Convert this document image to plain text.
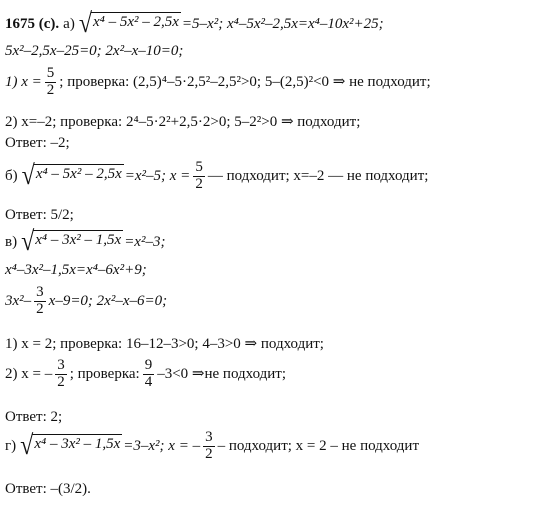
1675 (с). а) √ x⁴ – 5x² – 2,5x =5–x²; x⁴–5x²–2,5x=x⁴–10x²+25;
5x²–2,5x–25=0; 2x²–x–10=0;
1) $x = \frac{5}{2}$ ; проверка: (2,5)⁴–5·2,5²–2,5²>0; 5–(2,5)²<0 ⇒ не подходит;
2) x=–2; проверка: 2⁴–5·2²+2,5·2>0; 5–2²>0 ⇒ подходит;
Ответ: –2;
б) √ x⁴ – 5x² – 2,5x =x²–5; $x = \frac{5}{2}$ — подходит; x=–2 — не подходит;
Ответ: 5/2;
в) √ x⁴ – 3x² – 1,5x =x²–3;
x⁴–3x²–1,5x=x⁴–6x²+9;
$3x^2- \frac{3}{2} x-9=0$; 2x²–x–6=0;
1) x = 2; проверка: 16–12–3>0; 4–3>0 ⇒ подходит;
2) x = – $\frac{3}{2}$ ; проверка: $\frac{9}{4} -3<0$ ⇒не подходит;
Ответ: 2;
г) √ x⁴ – 3x² – 1,5x =3–x²; x = – $\frac{3}{2}$ – подходит; x = 2 – не подходит
Ответ: –(3/2).
